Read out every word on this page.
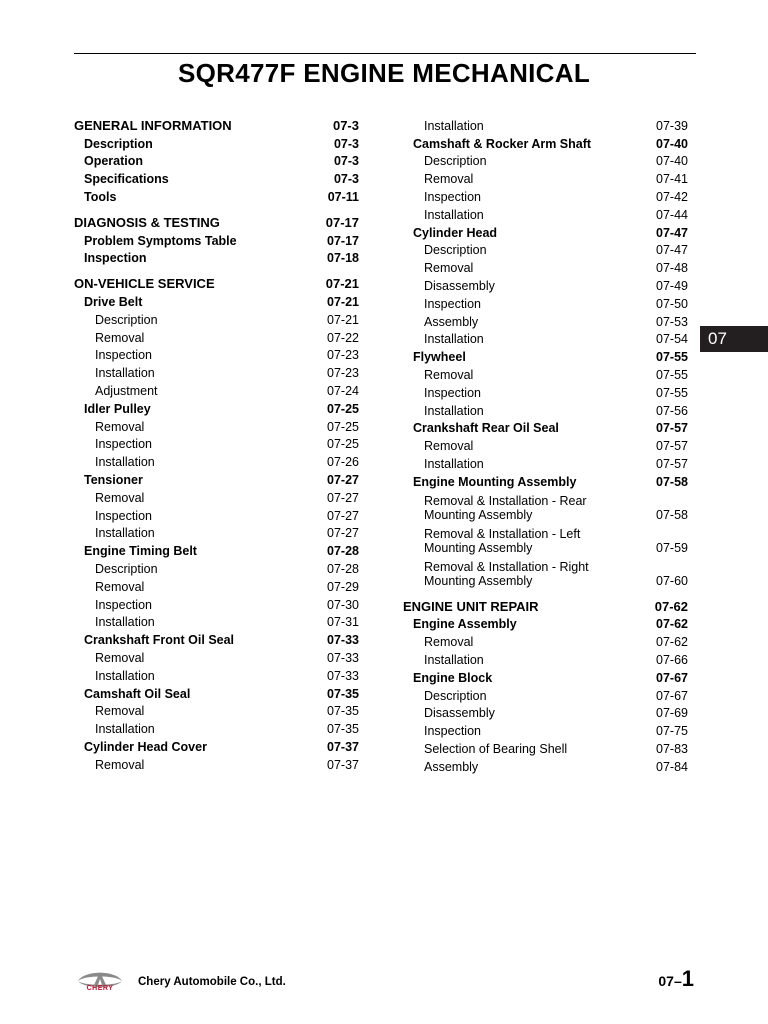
SQR477F ENGINE MECHANICAL
GENERAL INFORMATION	07-3
Description	07-3
Operation	07-3
Specifications	07-3
Tools	07-11
DIAGNOSIS & TESTING	07-17
Problem Symptoms Table	07-17
Inspection	07-18
ON-VEHICLE SERVICE	07-21
Drive Belt	07-21
Description	07-21
Removal	07-22
Inspection	07-23
Installation	07-23
Adjustment	07-24
Idler Pulley	07-25
Removal	07-25
Inspection	07-25
Installation	07-26
Tensioner	07-27
Removal	07-27
Inspection	07-27
Installation	07-27
Engine Timing Belt	07-28
Description	07-28
Removal	07-29
Inspection	07-30
Installation	07-31
Crankshaft Front Oil Seal	07-33
Removal	07-33
Installation	07-33
Camshaft Oil Seal	07-35
Removal	07-35
Installation	07-35
Cylinder Head Cover	07-37
Removal	07-37
Installation	07-39
Camshaft & Rocker Arm Shaft	07-40
Description	07-40
Removal	07-41
Inspection	07-42
Installation	07-44
Cylinder Head	07-47
Description	07-47
Removal	07-48
Disassembly	07-49
Inspection	07-50
Assembly	07-53
Installation	07-54
Flywheel	07-55
Removal	07-55
Inspection	07-55
Installation	07-56
Crankshaft Rear Oil Seal	07-57
Removal	07-57
Installation	07-57
Engine Mounting Assembly	07-58
Removal & Installation - Rear
Mounting Assembly	07-58
Removal & Installation - Left
Mounting Assembly	07-59
Removal & Installation - Right
Mounting Assembly	07-60
ENGINE UNIT REPAIR	07-62
Engine Assembly	07-62
Removal	07-62
Installation	07-66
Engine Block	07-67
Description	07-67
Disassembly	07-69
Inspection	07-75
Selection of Bearing Shell	07-83
Assembly	07-84
07
CHERY
Chery Automobile Co., Ltd.	07–1
